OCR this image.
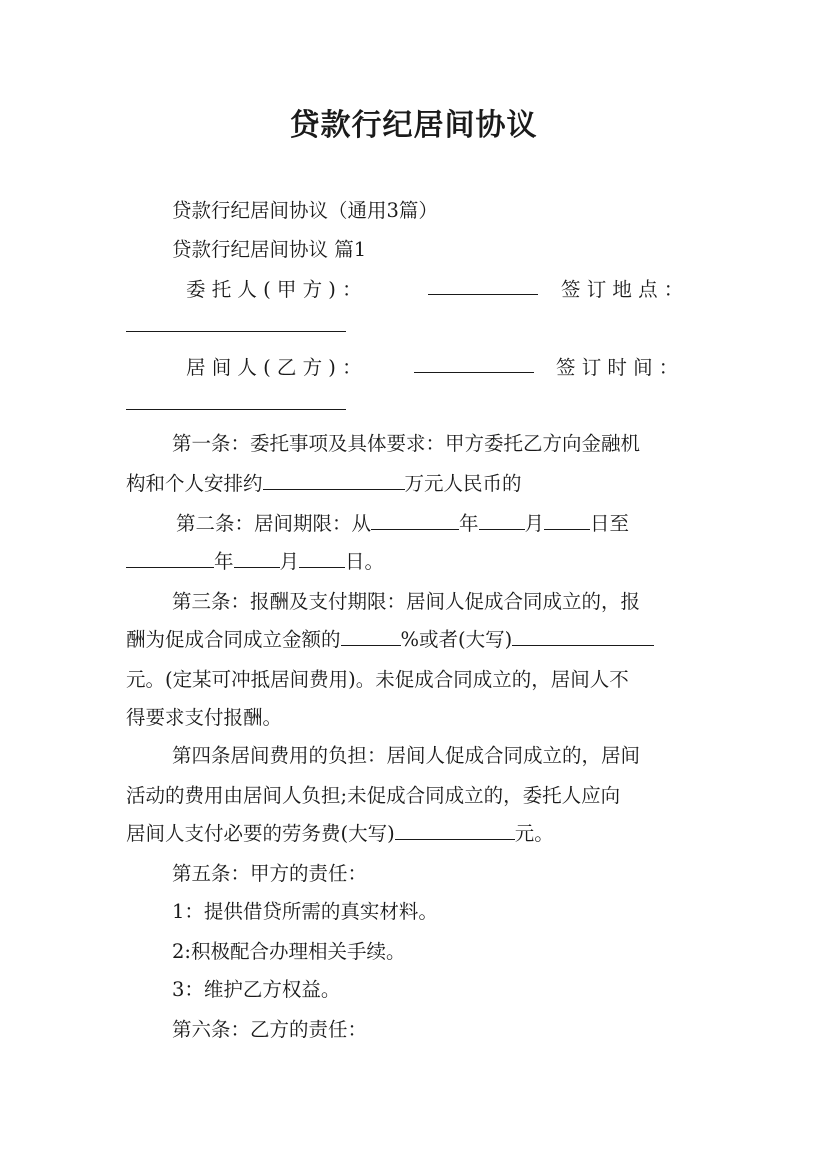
贷款行纪居间协议
贷款行纪居间协议（通用3篇）
贷款行纪居间协议 篇1
委 托 人 ( 甲 方 ) ：	签 订 地 点 ：
居 间 人 ( 乙 方 ) ：	签 订 时 间 ：
第一条：委托事项及具体要求：甲方委托乙方向金融机
构和个人安排约	万元人民币的
第二条：居间期限：从	年 月 日至
年 月 日。
第三条：报酬及支付期限：居间人促成合同成立的，报
酬为促成合同成立金额的	%或者(大写)
元。(定某可冲抵居间费用)。未促成合同成立的，居间人不
得要求支付报酬。
第四条居间费用的负担：居间人促成合同成立的，居间
活动的费用由居间人负担;未促成合同成立的，委托人应向
居间人支付必要的劳务费(大写)	元。
第五条：甲方的责任：
1：提供借贷所需的真实材料。
2:积极配合办理相关手续。
3：维护乙方权益。
第六条：乙方的责任：
